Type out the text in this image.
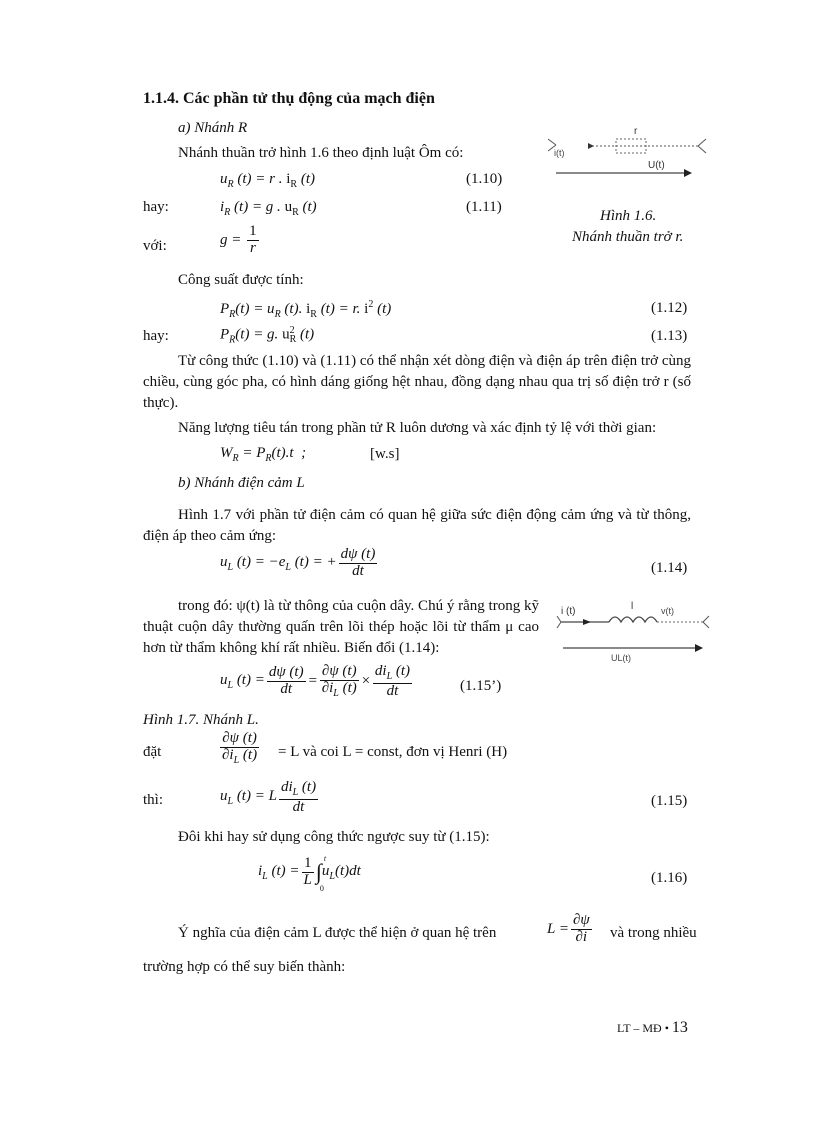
1.1.4. Các phần tử thụ động của mạch điện
a) Nhánh R
Nhánh thuần trở hình 1.6 theo định luật Ôm có:
$u_R$ (t) = r . $i_R$ (t)	(1.10)
hay:	$i_R$ (t) = g . $u_R$ (t)	(1.11)
với:	$g = \frac{1}{r}$
r
i(t)
U(t)
Hình 1.6.
Nhánh thuần trở r.
Công suất được tính:
$P_R(t) = u_R$ (t). $i_R$ (t) = r. $i^2$ (t)	(1.12)
hay:	$P_R(t) = g$. u 2
R (t)	(1.13)
Từ công thức (1.10) và (1.11) có thể nhận xét dòng điện và điện áp trên điện trở cùng chiều, cùng góc pha, có hình dáng giống hệt nhau, đồng dạng nhau qua trị số điện trở r (số thực).
Năng lượng tiêu tán trong phần tử R luôn dương và xác định tỷ lệ với thời gian:
$W_R = P_R(t).t$  ;	[w.s]
b) Nhánh điện cảm L
Hình 1.7 với phần tử điện cảm có quan hệ giữa sức điện động cảm ứng và từ thông, điện áp theo cảm ứng:
$u_L$ $(t) = -e_L$ (t) = + $\frac{d\psi (t)}{dt}$	(1.14)
trong đó: ψ(t) là từ thông của cuộn dây. Chú ý rằng trong kỹ thuật cuộn dây thường quấn trên lõi thép hoặc lõi từ thẩm μ cao hơn từ thẩm không khí rất nhiều. Biến đổi (1.14):
i (t)	l	v(t)
UL(t)
$u_L$ $(t) = \frac{d\psi (t)}{dt} = \frac{\partial\psi (t)}{\partial i_L (t)} \times \frac{di_L (t)}{dt}$	(1.15’)
Hình 1.7. Nhánh L.
đặt	$\frac{\partial\psi (t)}{\partial i_L (t)} = L$ và coi L = const, đơn vị Henri (H)
thì:	$u_L$ (t) = L $\frac{di_L (t)}{dt}$	(1.15)
Đôi khi hay sử dụng công thức ngược suy từ (1.15):
$i_L$ $(t) = \frac{1}{L}$ ∫
t
0
$u_L(t)dt$	(1.16)
Ý nghĩa của điện cảm L được thể hiện ở quan hệ trên	$L = \frac{\partial\psi}{\partial i}$ và trong nhiều
trường hợp có thể suy biến thành:
LT – MĐ • 13
